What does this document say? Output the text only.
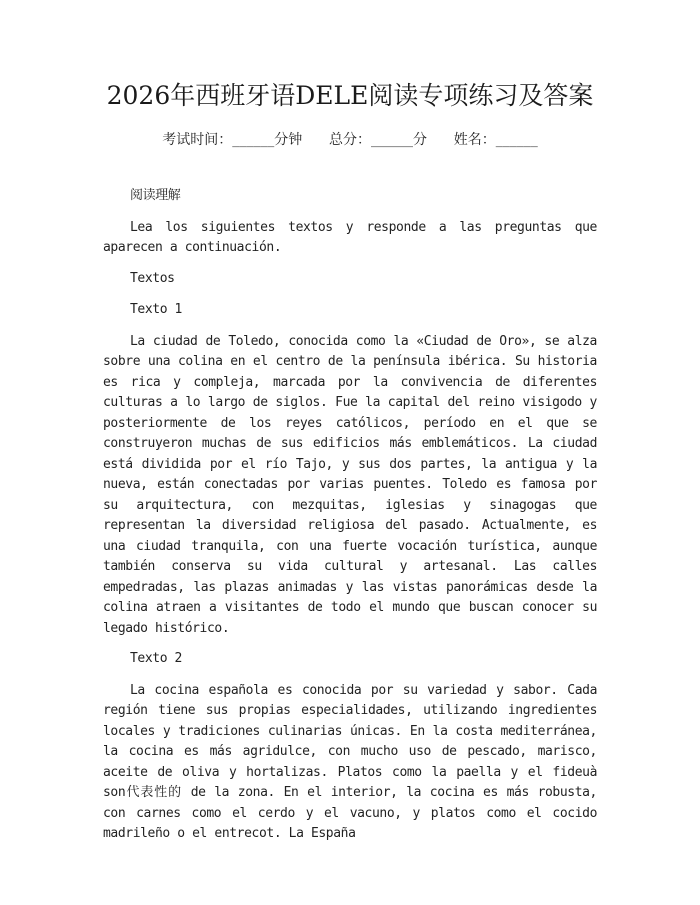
2026年西班牙语DELE阅读专项练习及答案
考试时间：______分钟      总分：______分      姓名：______

阅读理解

Lea los siguientes textos y responde a las preguntas que aparecen a continuación.

Textos

Texto 1

La ciudad de Toledo, conocida como la «Ciudad de Oro», se alza sobre una colina en el centro de la península ibérica. Su historia es rica y compleja, marcada por la convivencia de diferentes culturas a lo largo de siglos. Fue la capital del reino visigodo y posteriormente de los reyes católicos, período en el que se construyeron muchas de sus edificios más emblemáticos. La ciudad está dividida por el río Tajo, y sus dos partes, la antigua y la nueva, están conectadas por varias puentes. Toledo es famosa por su arquitectura, con mezquitas, iglesias y sinagogas que representan la diversidad religiosa del pasado. Actualmente, es una ciudad tranquila, con una fuerte vocación turística, aunque también conserva su vida cultural y artesanal. Las calles empedradas, las plazas animadas y las vistas panorámicas desde la colina atraen a visitantes de todo el mundo que buscan conocer su legado histórico.

Texto 2

La cocina española es conocida por su variedad y sabor. Cada región tiene sus propias especialidades, utilizando ingredientes locales y tradiciones culinarias únicas. En la costa mediterránea, la cocina es más agridulce, con mucho uso de pescado, marisco, aceite de oliva y hortalizas. Platos como la paella y el fideuà son代表性的 de la zona. En el interior, la cocina es más robusta, con carnes como el cerdo y el vacuno, y platos como el cocido madrileño o el entrecot. La España
